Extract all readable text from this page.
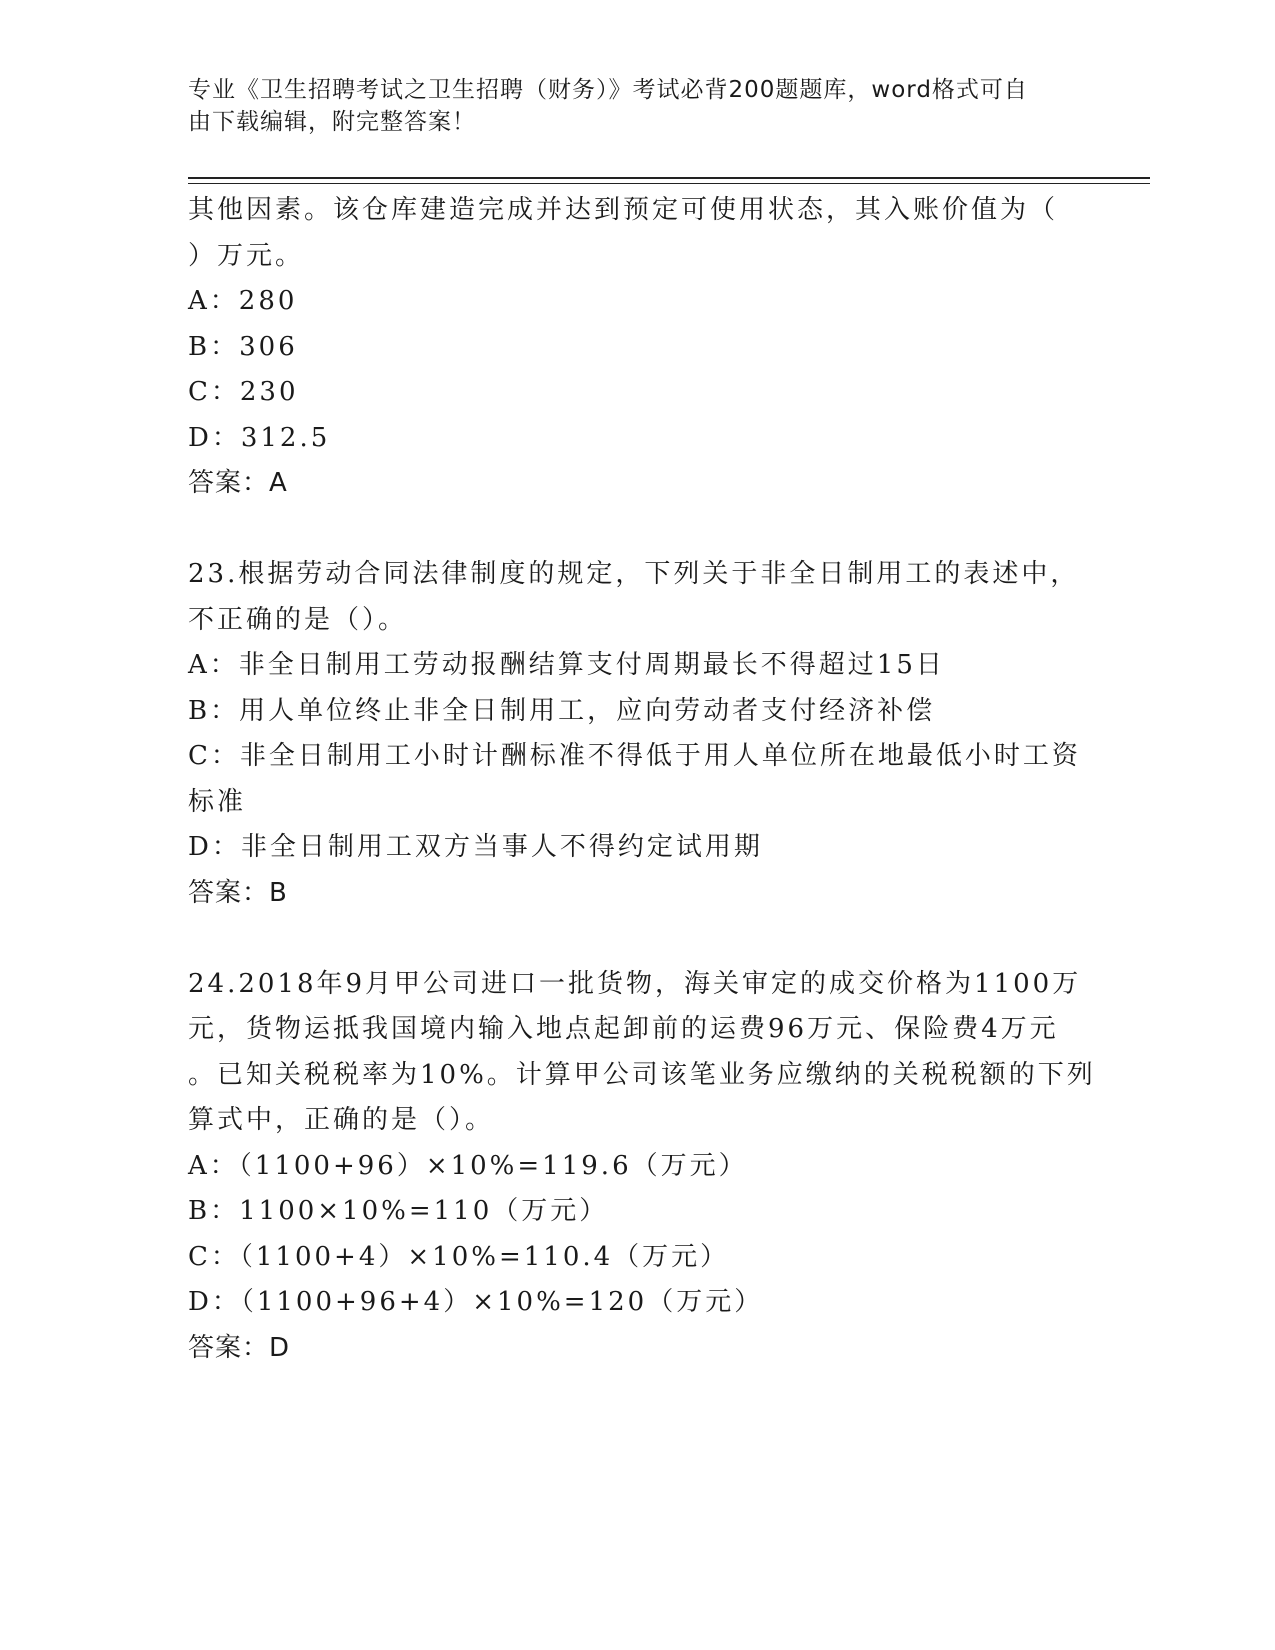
专业《卫生招聘考试之卫生招聘（财务）》考试必背200题题库，word格式可自
由下载编辑，附完整答案！
其他因素。该仓库建造完成并达到预定可使用状态，其入账价值为（
）万元。
A：280
B：306
C：230
D：312.5
答案：A
23.根据劳动合同法律制度的规定，下列关于非全日制用工的表述中，
不正确的是（）。
A：非全日制用工劳动报酬结算支付周期最长不得超过15日
B：用人单位终止非全日制用工，应向劳动者支付经济补偿
C：非全日制用工小时计酬标准不得低于用人单位所在地最低小时工资
标准
D：非全日制用工双方当事人不得约定试用期
答案：B
24.2018年9月甲公司进口一批货物，海关审定的成交价格为1100万
元，货物运抵我国境内输入地点起卸前的运费96万元、保险费4万元
。已知关税税率为10%。计算甲公司该笔业务应缴纳的关税税额的下列
算式中，正确的是（）。
A：（1100+96）×10%=119.6（万元）
B：1100×10%=110（万元）
C：（1100+4）×10%=110.4（万元）
D：（1100+96+4）×10%=120（万元）
答案：D
